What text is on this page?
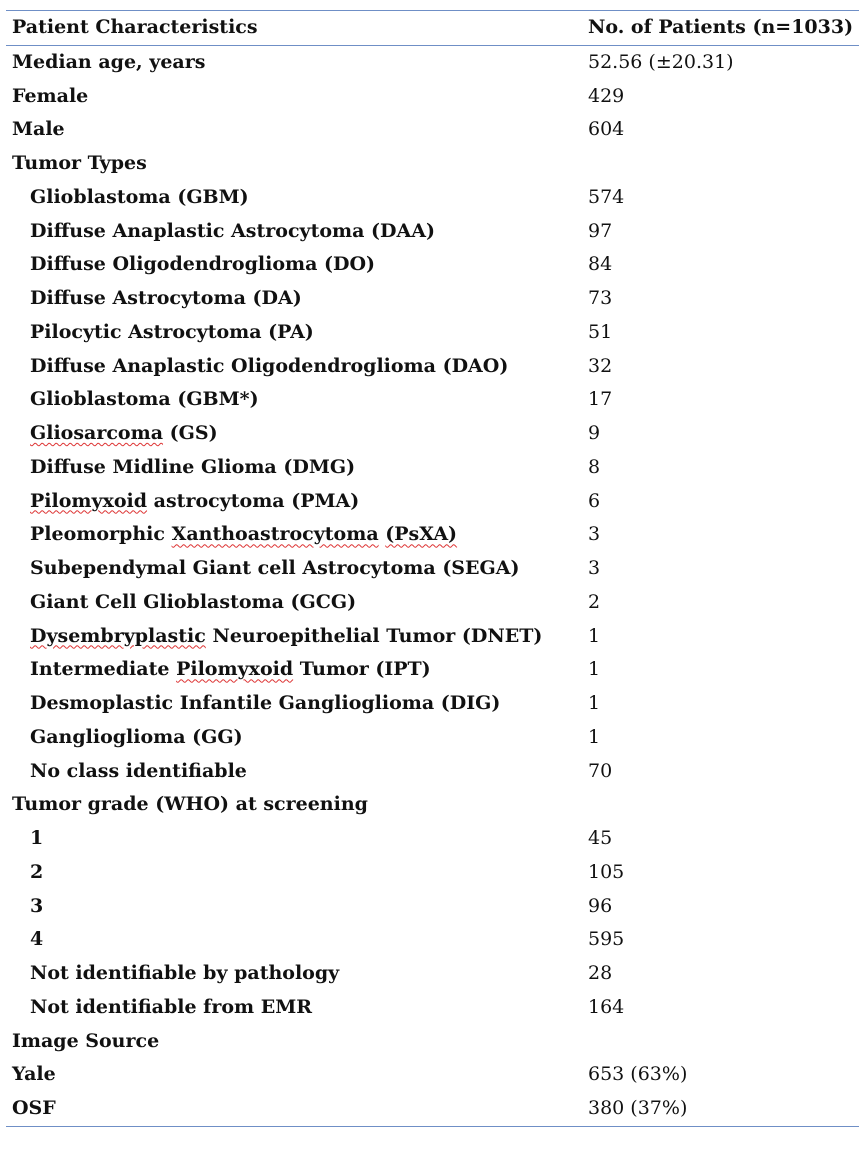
Patient Characteristics	No. of Patients (n=1033)
Median age, years	52.56 (±20.31)
Female	429
Male	604
Tumor Types
Glioblastoma (GBM)	574
Diffuse Anaplastic Astrocytoma (DAA)	97
Diffuse Oligodendroglioma (DO)	84
Diffuse Astrocytoma (DA)	73
Pilocytic Astrocytoma (PA)	51
Diffuse Anaplastic Oligodendroglioma (DAO)	32
Glioblastoma (GBM*)	17
Gliosarcoma (GS)	9
Diffuse Midline Glioma (DMG)	8
Pilomyxoid astrocytoma (PMA)	6
Pleomorphic Xanthoastrocytoma (PsXA)	3
Subependymal Giant cell Astrocytoma (SEGA)	3
Giant Cell Glioblastoma (GCG)	2
Dysembryplastic Neuroepithelial Tumor (DNET) 1
Intermediate Pilomyxoid Tumor (IPT)	1
Desmoplastic Infantile Ganglioglioma (DIG)	1
Ganglioglioma (GG)	1
No class identifiable	70
Tumor grade (WHO) at screening
1	45
2	105
3	96
4	595
Not identifiable by pathology	28
Not identifiable from EMR	164
Image Source
Yale	653 (63%)
OSF	380 (37%)
